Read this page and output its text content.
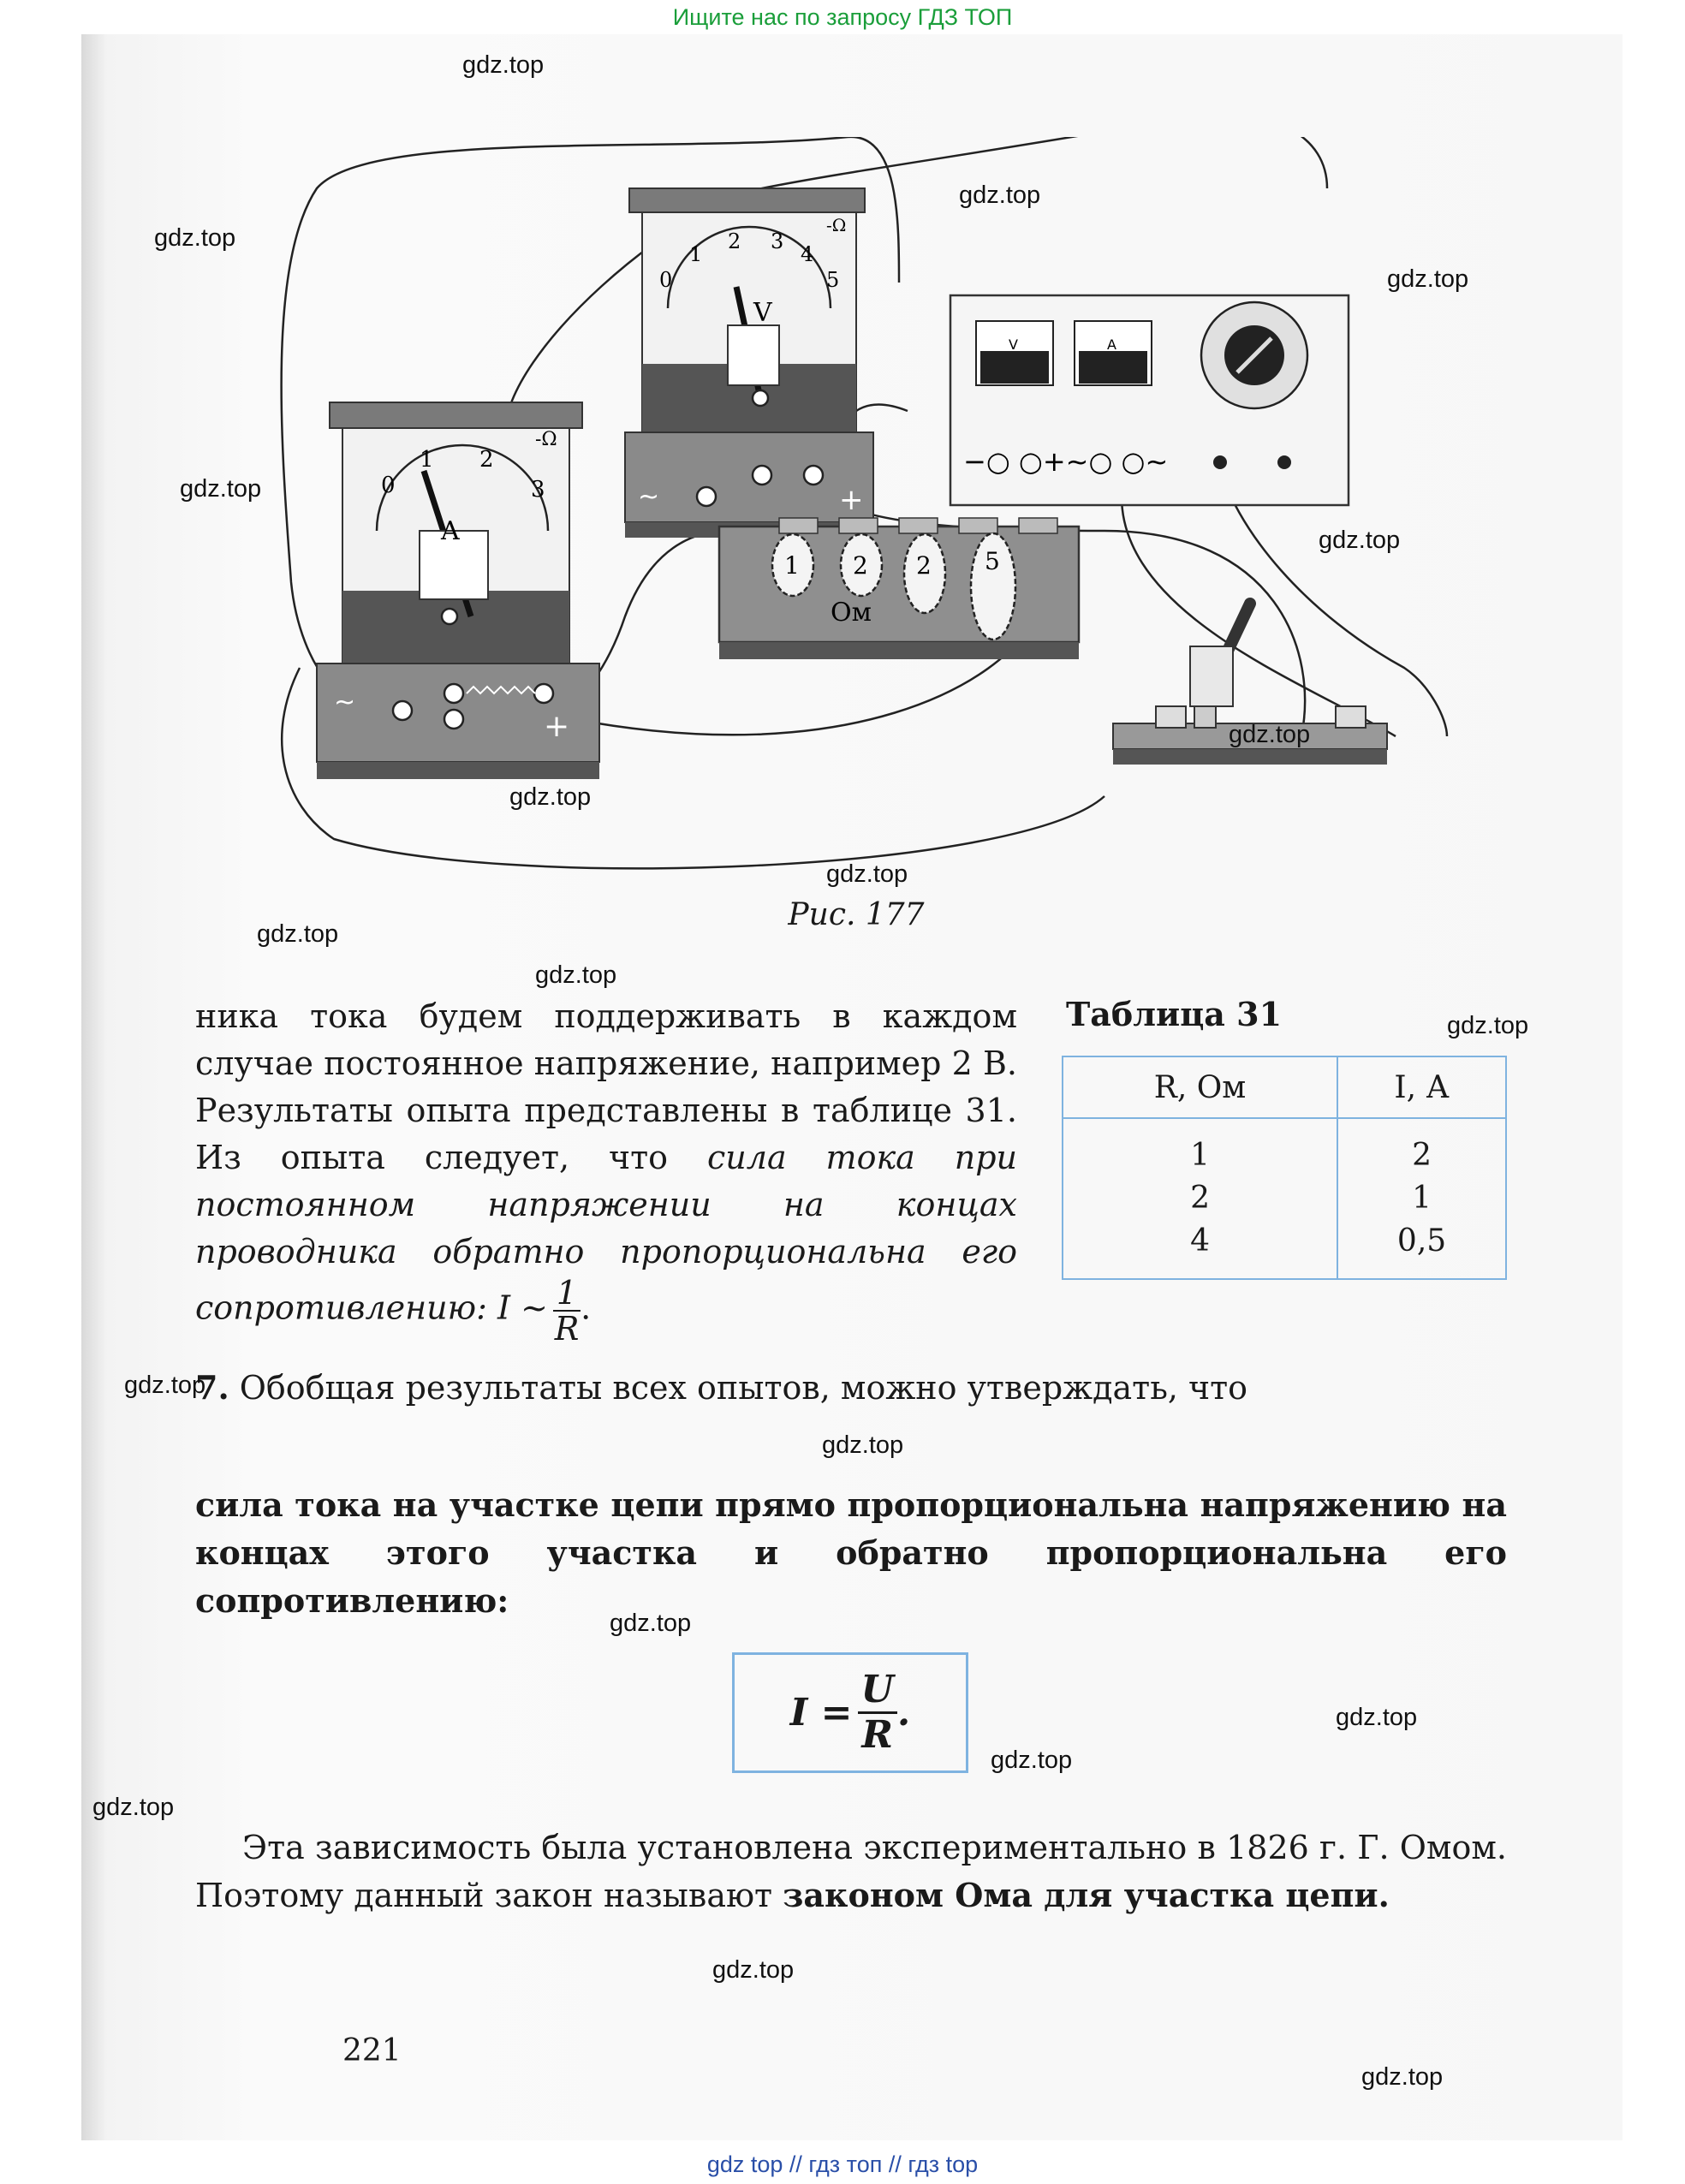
Ищите нас по запросу ГДЗ ТОП
0
1 2
3
-Ω
A
~
+
0
1
2 3
4
5
-Ω
V
~	+
V	A
−○ ○+~○ ○~
1 2 2 5
Ом
Рис. 177
ника тока будем поддерживать в каждом случае постоянное напряжение, например 2 В. Результаты опыта представлены в таблице 31. Из опыта следует, что сила тока при постоянном напряжении на концах проводника обратно пропорциональна его сопротивлению: I ~ $\frac{1}{R}$ .
Таблица 31
R, Ом	I, А
1	2
2	1
4	0,5
7. Обобщая результаты всех опытов, можно утверждать, что
сила тока на участке цепи прямо пропорциональна напряжению на концах этого участка и обратно пропорциональна его сопротивлению:
$I = \frac{U}{R}$ .
Эта зависимость была установлена экспериментально в 1826 г. Г. Омом. Поэтому данный закон называют законом Ома для участка цепи.
221
gdz.top
gdz.top
gdz.top
gdz.top
gdz.top
gdz.top
gdz.top
gdz.top
gdz.top
gdz.top
gdz.top
gdz.top
gdz.top
gdz.top
gdz.top
gdz.top
gdz.top
gdz.top
gdz.top
gdz.top
gdz top // гдз топ // гдз top
